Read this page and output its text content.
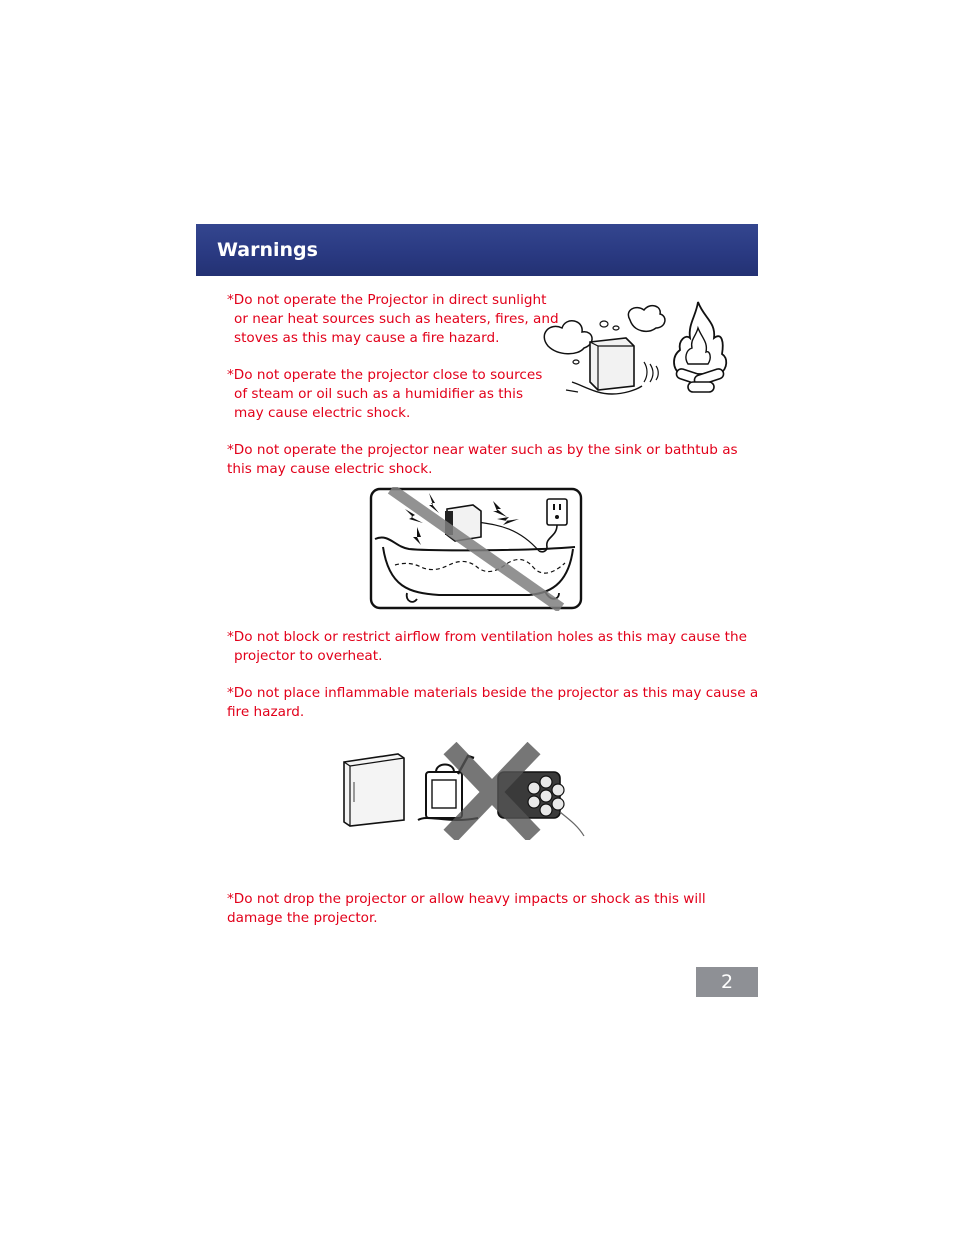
Warnings

*Do not operate the Projector in direct sunlight
or near heat sources such as heaters, fires, and
stoves as this may cause a fire hazard.

*Do not operate the projector close to sources
of steam or oil such as a humidifier as this
may cause electric shock.

*Do not operate the projector near water such as by the sink or bathtub as
this may cause electric shock.

*Do not block or restrict airflow from ventilation holes as this may cause the
projector to overheat.

*Do not place inflammable materials beside the projector as this may cause a
fire hazard.

*Do not drop the projector or allow heavy impacts or shock as this will
damage the projector.

2
